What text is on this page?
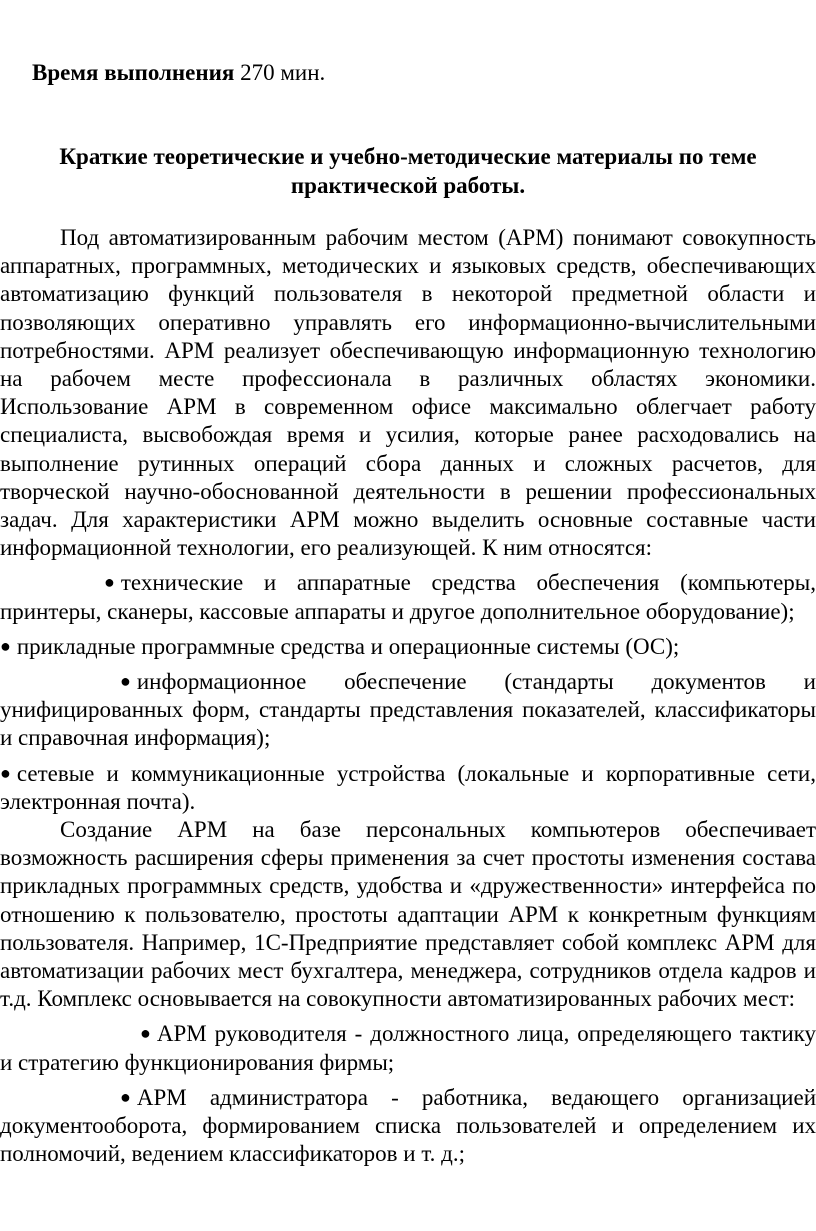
Время выполнения 270 мин.
Краткие теоретические и учебно-методические материалы по теме
практической работы.

Под автоматизированным рабочим местом (АРМ) понимают совокупность аппаратных, программных, методических и языковых средств, обеспечивающих автоматизацию функций пользователя в некоторой предметной области и позволяющих оперативно управлять его информационно-вычислительными потребностями. АРМ реализует обеспечивающую информационную технологию на рабочем месте профессионала в различных областях экономики. Использование АРМ в современном офисе максимально облегчает работу специалиста, высвобождая время и усилия, которые ранее расходовались на выполнение рутинных операций сбора данных и сложных расчетов, для творческой научно-обоснованной деятельности в решении профессиональных задач. Для характеристики АРМ можно выделить основные составные части информационной технологии, его реализующей. К ним относятся:

● технические и аппаратные средства обеспечения (компьютеры, принтеры, сканеры, кассовые аппараты и другое дополнительное оборудование);

● прикладные программные средства и операционные системы (ОС);

● информационное обеспечение (стандарты документов и унифицированных форм, стандарты представления показателей, классификаторы и справочная информация);

● сетевые и коммуникационные устройства (локальные и корпоративные сети, электронная почта).

Создание АРМ на базе персональных компьютеров обеспечивает возможность расширения сферы применения за счет простоты изменения состава прикладных программных средств, удобства и «дружественности» интерфейса по отношению к пользователю, простоты адаптации АРМ к конкретным функциям пользователя. Например, 1С-Предприятие представляет собой комплекс АРМ для автоматизации рабочих мест бухгалтера, менеджера, сотрудников отдела кадров и т.д. Комплекс основывается на совокупности автоматизированных рабочих мест:

● АРМ руководителя - должностного лица, определяющего тактику и стратегию функционирования фирмы;

● АРМ администратора - работника, ведающего организацией документооборота, формированием списка пользователей и определением их полномочий, ведением классификаторов и т. д.;
